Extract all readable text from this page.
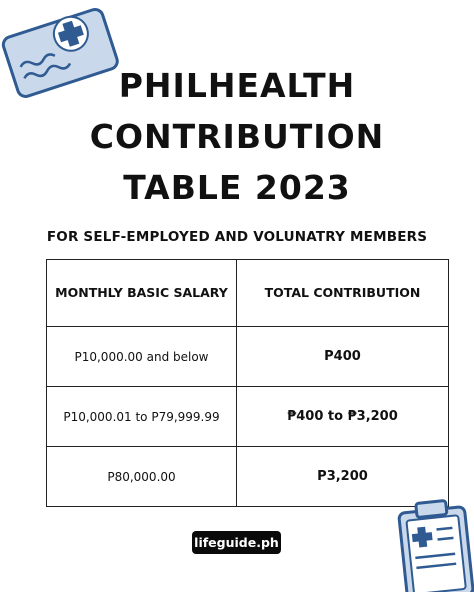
PHILHEALTH
CONTRIBUTION
TABLE 2023
FOR SELF-EMPLOYED AND VOLUNATRY MEMBERS
MONTHLY BASIC SALARY	TOTAL CONTRIBUTION
P10,000.00 and below	P400
P10,000.01 to P79,999.99	₱400 to ₱3,200
P80,000.00	P3,200
lifeguide.ph
